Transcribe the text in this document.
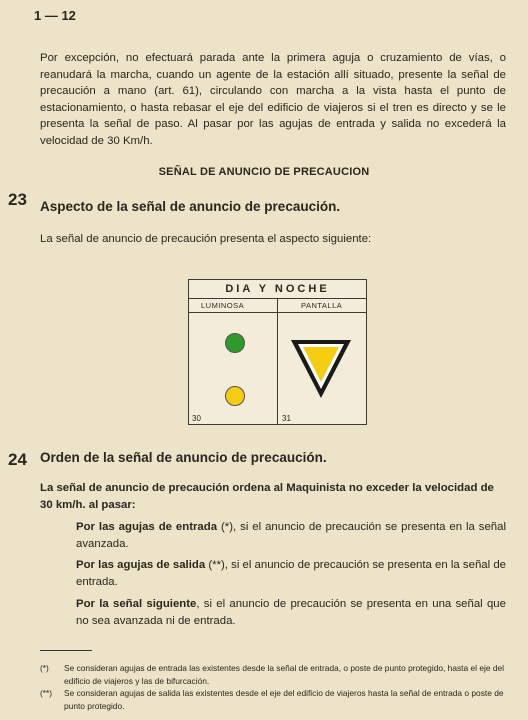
1 — 12
Por excepción, no efectuará parada ante la primera aguja o cruzamiento de vías, o reanudará la marcha, cuando un agente de la estación allí situado, presente la señal de precaución a mano (art. 61), circulando con marcha a la vista hasta el punto de estacionamiento, o hasta rebasar el eje del edificio de viajeros si el tren es directo y se le presenta la señal de paso. Al pasar por las agujas de entrada y salida no excederá la velocidad de 30 Km/h.
SEÑAL DE ANUNCIO DE PRECAUCION
23 Aspecto de la señal de anuncio de precaución.
La señal de anuncio de precaución presenta el aspecto siguiente:
DIA Y NOCHE
LUMINOSA	PANTALLA
30	31
24 Orden de la señal de anuncio de precaución.
La señal de anuncio de precaución ordena al Maquinista no exceder la velocidad de 30 km/h. al pasar:
Por las agujas de entrada (*), si el anuncio de precaución se presenta en la señal avanzada.
Por las agujas de salida (**), si el anuncio de precaución se presenta en la señal de entrada.
Por la señal siguiente, si el anuncio de precaución se presenta en una señal que no sea avanzada ni de entrada.
(*)	Se consideran agujas de entrada las existentes desde la señal de entrada, o poste de punto protegido, hasta el eje del edificio de viajeros y las de bifurcación.
(**)	Se consideran agujas de salida las existentes desde el eje del edificio de viajeros hasta la señal de entrada o poste de punto protegido.
